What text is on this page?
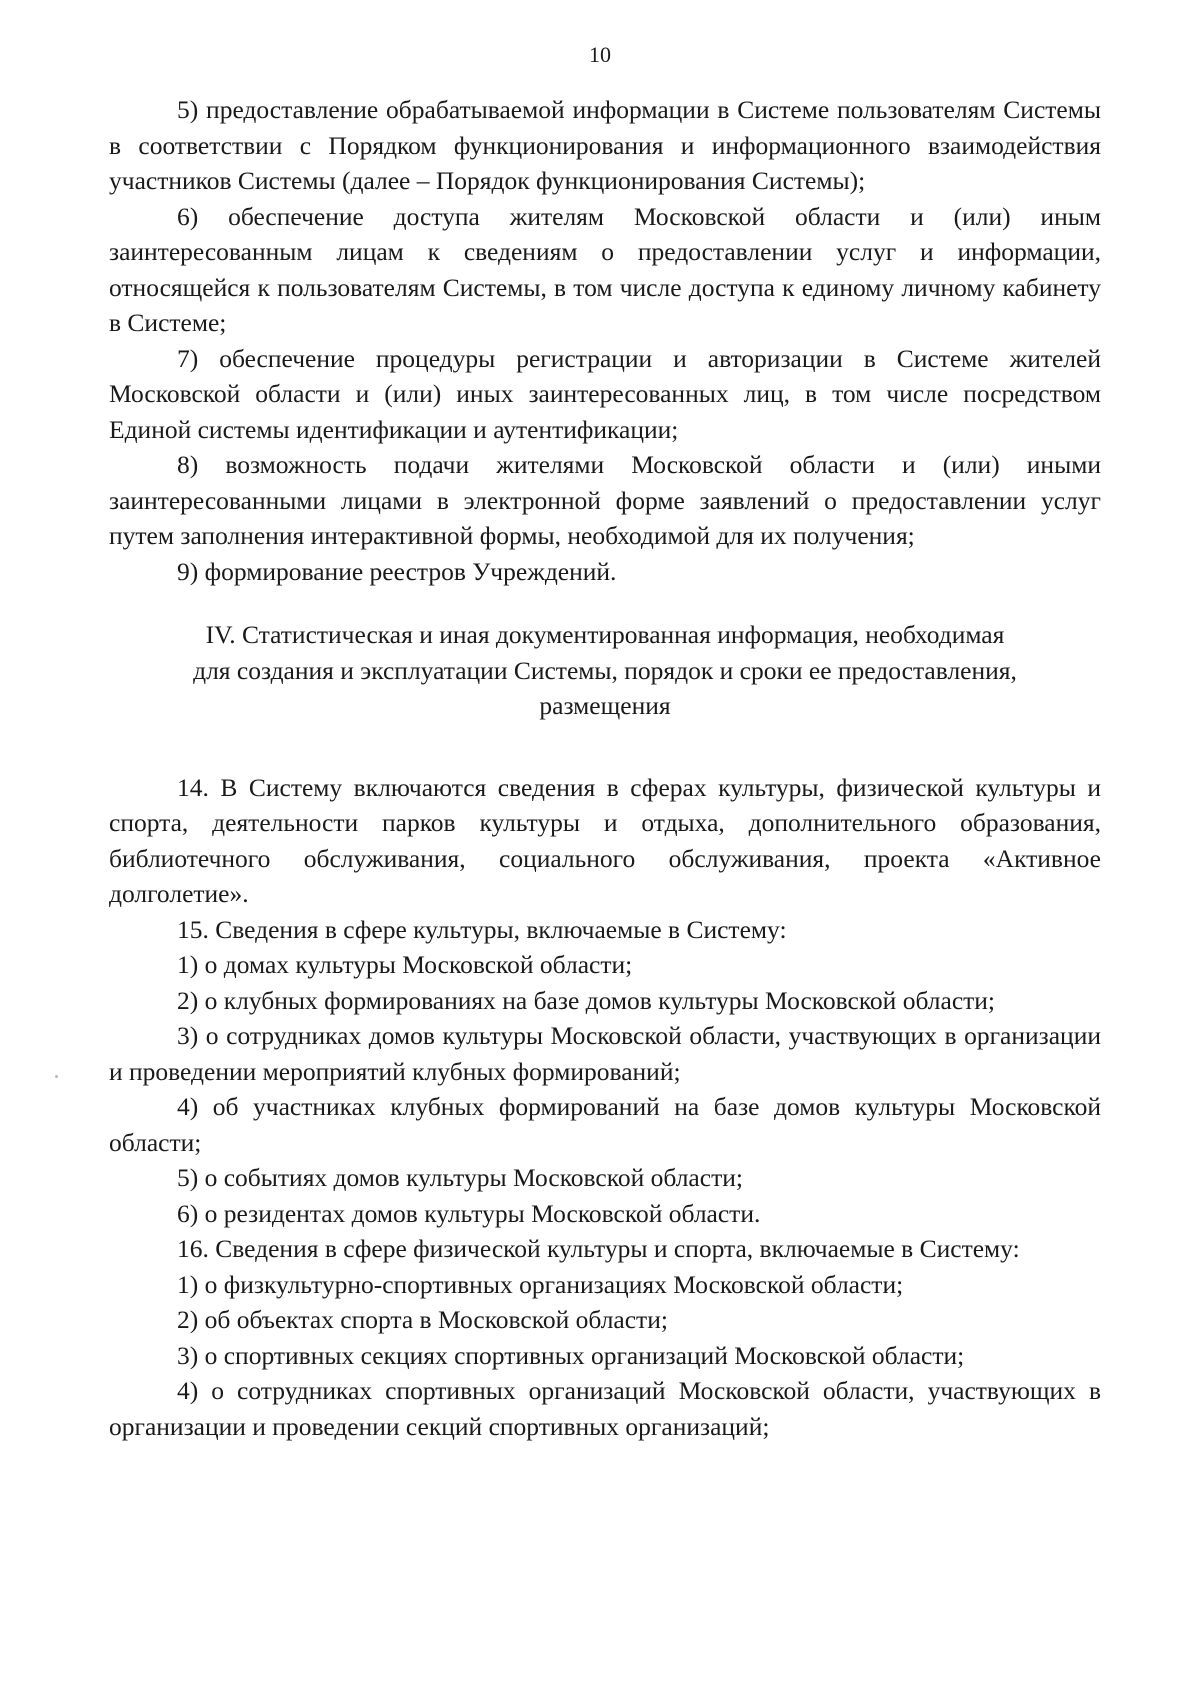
10

5) предоставление обрабатываемой информации в Системе пользователям Системы в соответствии с Порядком функционирования и информационного взаимодействия участников Системы (далее – Порядок функционирования Системы);

6) обеспечение доступа жителям Московской области и (или) иным заинтересованным лицам к сведениям о предоставлении услуг и информации, относящейся к пользователям Системы, в том числе доступа к единому личному кабинету в Системе;

7) обеспечение процедуры регистрации и авторизации в Системе жителей Московской области и (или) иных заинтересованных лиц, в том числе посредством Единой системы идентификации и аутентификации;

8) возможность подачи жителями Московской области и (или) иными заинтересованными лицами в электронной форме заявлений о предоставлении услуг путем заполнения интерактивной формы, необходимой для их получения;

9) формирование реестров Учреждений.

IV. Статистическая и иная документированная информация, необходимая
для создания и эксплуатации Системы, порядок и сроки ее предоставления,
размещения

14. В Систему включаются сведения в сферах культуры, физической культуры и спорта, деятельности парков культуры и отдыха, дополнительного образования, библиотечного обслуживания, социального обслуживания, проекта «Активное долголетие».

15. Сведения в сфере культуры, включаемые в Систему:

1) о домах культуры Московской области;

2) о клубных формированиях на базе домов культуры Московской области;

3) о сотрудниках домов культуры Московской области, участвующих в организации и проведении мероприятий клубных формирований;

4) об участниках клубных формирований на базе домов культуры Московской области;

5) о событиях домов культуры Московской области;

6) о резидентах домов культуры Московской области.

16. Сведения в сфере физической культуры и спорта, включаемые в Систему:

1) о физкультурно-спортивных организациях Московской области;

2) об объектах спорта в Московской области;

3) о спортивных секциях спортивных организаций Московской области;

4) о сотрудниках спортивных организаций Московской области, участвующих в организации и проведении секций спортивных организаций;
